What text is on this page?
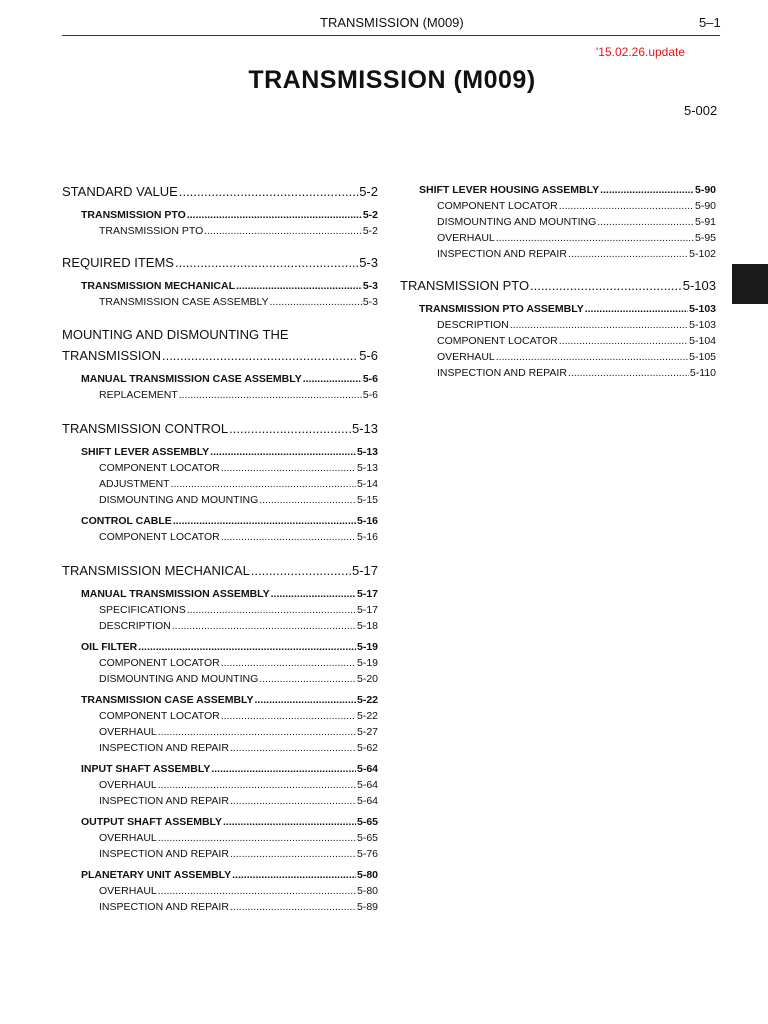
TRANSMISSION (M009)	5–1
'15.02.26.update
TRANSMISSION (M009)
5-002
STANDARD VALUE .....	5-2
TRANSMISSION PTO .....	5-2
TRANSMISSION PTO .....	5-2
REQUIRED ITEMS .....	5-3
TRANSMISSION MECHANICAL .....	5-3
TRANSMISSION CASE ASSEMBLY .....	5-3
MOUNTING AND DISMOUNTING THE
TRANSMISSION .....	5-6
MANUAL TRANSMISSION CASE ASSEMBLY .....	5-6
REPLACEMENT .....	5-6
TRANSMISSION CONTROL .....	5-13
SHIFT LEVER ASSEMBLY .....	5-13
COMPONENT LOCATOR .....	5-13
ADJUSTMENT .....	5-14
DISMOUNTING AND MOUNTING .....	5-15
CONTROL CABLE .....	5-16
COMPONENT LOCATOR .....	5-16
TRANSMISSION MECHANICAL .....	5-17
MANUAL TRANSMISSION ASSEMBLY .....	5-17
SPECIFICATIONS .....	5-17
DESCRIPTION .....	5-18
OIL FILTER .....	5-19
COMPONENT LOCATOR .....	5-19
DISMOUNTING AND MOUNTING .....	5-20
TRANSMISSION CASE ASSEMBLY .....	5-22
COMPONENT LOCATOR .....	5-22
OVERHAUL .....	5-27
INSPECTION AND REPAIR .....	5-62
INPUT SHAFT ASSEMBLY .....	5-64
OVERHAUL .....	5-64
INSPECTION AND REPAIR .....	5-64
OUTPUT SHAFT ASSEMBLY .....	5-65
OVERHAUL .....	5-65
INSPECTION AND REPAIR .....	5-76
PLANETARY UNIT ASSEMBLY .....	5-80
OVERHAUL .....	5-80
INSPECTION AND REPAIR .....	5-89
SHIFT LEVER HOUSING ASSEMBLY .....	5-90
COMPONENT LOCATOR .....	5-90
DISMOUNTING AND MOUNTING .....	5-91
OVERHAUL .....	5-95
INSPECTION AND REPAIR .....	5-102
TRANSMISSION PTO .....	5-103
TRANSMISSION PTO ASSEMBLY .....	5-103
DESCRIPTION .....	5-103
COMPONENT LOCATOR .....	5-104
OVERHAUL .....	5-105
INSPECTION AND REPAIR .....	5-110
